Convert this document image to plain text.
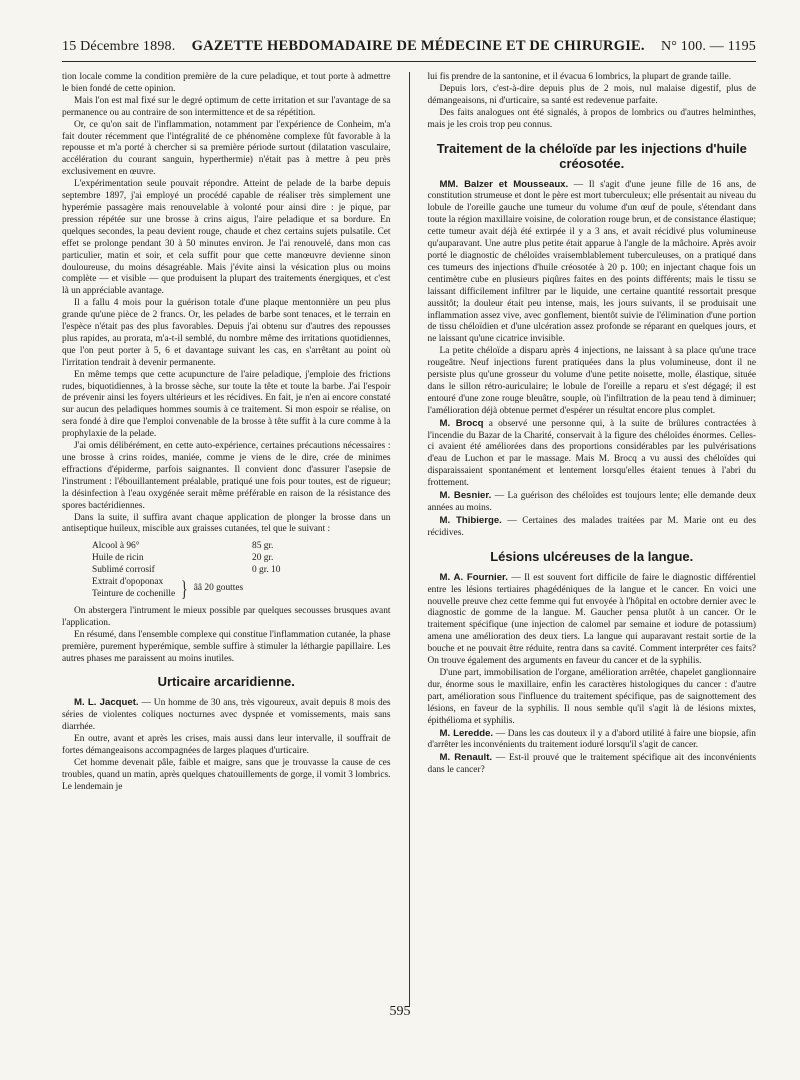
15 Décembre 1898. GAZETTE HEBDOMADAIRE DE MÉDECINE ET DE CHIRURGIE. N° 100. — 1195

tion locale comme la condition première de la cure peladique, et tout porte à admettre le bien fondé de cette opinion.

Mais l'on est mal fixé sur le degré optimum de cette irritation et sur l'avantage de sa permanence ou au contraire de son intermittence et de sa répétition.

Or, ce qu'on sait de l'inflammation, notamment par l'expérience de Conheim, m'a fait douter récemment que l'intégralité de ce phénomène complexe fût favorable à la repousse et m'a porté à chercher si sa première période surtout (dilatation vasculaire, accélération du courant sanguin, hyperthermie) n'était pas à mettre à peu près exclusivement en œuvre.

L'expérimentation seule pouvait répondre. Atteint de pelade de la barbe depuis septembre 1897, j'ai employé un procédé capable de réaliser très simplement une hyperémie passagère mais renouvelable à volonté pour ainsi dire : je pique, par pression répétée sur une brosse à crins aigus, l'aire peladique et sa bordure. En quelques secondes, la peau devient rouge, chaude et chez certains sujets pulsatile. Cet effet se prolonge pendant 30 à 50 minutes environ. Je l'ai renouvelé, dans mon cas particulier, matin et soir, et cela suffit pour que cette manœuvre devienne sinon douloureuse, du moins désagréable. Mais j'évite ainsi la vésication plus ou moins complète — et visible — que produisent la plupart des traitements énergiques, et c'est là un appréciable avantage.

Il a fallu 4 mois pour la guérison totale d'une plaque mentonnière un peu plus grande qu'une pièce de 2 francs. Or, les pelades de barbe sont tenaces, et le terrain en l'espèce n'était pas des plus favorables. Depuis j'ai obtenu sur d'autres des repousses plus rapides, au prorata, m'a-t-il semblé, du nombre même des irritations quotidiennes, que l'on peut porter à 5, 6 et davantage suivant les cas, en s'arrêtant au point où l'irritation tendrait à devenir permanente.

En même temps que cette acupuncture de l'aire peladique, j'emploie des frictions rudes, biquotidiennes, à la brosse sèche, sur toute la tête et toute la barbe. J'ai l'espoir de prévenir ainsi les foyers ultérieurs et les récidives. En fait, je n'en ai encore constaté sur aucun des peladiques hommes soumis à ce traitement. Si mon espoir se réalise, on sera fondé à dire que l'emploi convenable de la brosse à tête suffit à la cure comme à la prophylaxie de la pelade.

J'ai omis délibérément, en cette auto-expérience, certaines précautions nécessaires : une brosse à crins roides, maniée, comme je viens de le dire, crée de minimes effractions d'épiderme, parfois saignantes. Il convient donc d'assurer l'asepsie de l'instrument : l'ébouillantement préalable, pratiqué une fois pour toutes, est de rigueur; la désinfection à l'eau oxygénée serait même préférable en raison de la résistance des spores bactéridiennes.

Dans la suite, il suffira avant chaque application de plonger la brosse dans un antiseptique huileux, miscible aux graisses cutanées, tel que le suivant :

Alcool à 96°	85 gr.
Huile de ricin	20 gr.
Sublimé corrosif	0 gr. 10
Extrait d'opoponax
Teinture de cochenille } ââ 20 gouttes

On abstergera l'intrument le mieux possible par quelques secousses brusques avant l'application.

En résumé, dans l'ensemble complexe qui constitue l'inflammation cutanée, la phase première, purement hyperémique, semble suffire à stimuler la léthargie papillaire. Les autres phases me paraissent au moins inutiles.

Urticaire arcaridienne.

M. L. Jacquet. — Un homme de 30 ans, très vigoureux, avait depuis 8 mois des séries de violentes coliques nocturnes avec dyspnée et vomissements, mais sans diarrhée.

En outre, avant et après les crises, mais aussi dans leur intervalle, il souffrait de fortes démangeaisons accompagnées de larges plaques d'urticaire.

Cet homme devenait pâle, faible et maigre, sans que je trouvasse la cause de ces troubles, quand un matin, après quelques chatouillements de gorge, il vomit 3 lombrics. Le lendemain je

lui fis prendre de la santonine, et il évacua 6 lombrics, la plupart de grande taille.

Depuis lors, c'est-à-dire depuis plus de 2 mois, nul malaise digestif, plus de démangeaisons, ni d'urticaire, sa santé est redevenue parfaite.

Des faits analogues ont été signalés, à propos de lombrics ou d'autres helminthes, mais je les crois trop peu connus.

Traitement de la chéloïde par les injections d'huile créosotée.

MM. Balzer et Mousseaux. — Il s'agit d'une jeune fille de 16 ans, de constitution strumeuse et dont le père est mort tuberculeux; elle présentait au niveau du lobule de l'oreille gauche une tumeur du volume d'un œuf de poule, s'étendant dans toute la région maxillaire voisine, de coloration rouge brun, et de consistance élastique; cette tumeur avait déjà été extirpée il y a 3 ans, et avait récidivé plus volumineuse qu'auparavant. Une autre plus petite était apparue à l'angle de la mâchoire. Après avoir porté le diagnostic de chéloïdes vraisemblablement tuberculeuses, on a pratiqué dans ces tumeurs des injections d'huile créosotée à 20 p. 100; en injectant chaque fois un centimètre cube en plusieurs piqûres faites en des points différents; mais le tissu se laissant difficilement infiltrer par le liquide, une certaine quantité ressortait presque aussitôt; la douleur était peu intense, mais, les jours suivants, il se produisait une inflammation assez vive, avec gonflement, bientôt suivie de l'élimination d'une portion de tissu chéloïdien et d'une ulcération assez profonde se réparant en quelques jours, et ne laissant qu'une cicatrice invisible.

La petite chéloïde a disparu après 4 injections, ne laissant à sa place qu'une trace rougeâtre. Neuf injections furent pratiquées dans la plus volumineuse, dont il ne persiste plus qu'une grosseur du volume d'une petite noisette, molle, élastique, située dans le sillon rétro-auriculaire; le lobule de l'oreille a reparu et s'est dégagé; il est entouré d'une zone rouge bleuâtre, souple, où l'infiltration de la peau tend à diminuer; l'amélioration déjà obtenue permet d'espérer un résultat encore plus complet.

M. Brocq a observé une personne qui, à la suite de brûlures contractées à l'incendie du Bazar de la Charité, conservait à la figure des chéloïdes énormes. Celles-ci avaient été améliorées dans des proportions considérables par les pulvérisations d'eau de Luchon et par le massage. Mais M. Brocq a vu aussi des chéloïdes qui disparaissaient spontanément et lentement lorsqu'elles étaient tenues à l'abri du frottement.

M. Besnier. — La guérison des chéloïdes est toujours lente; elle demande deux années au moins.

M. Thibierge. — Certaines des malades traitées par M. Marie ont eu des récidives.

Lésions ulcéreuses de la langue.

M. A. Fournier. — Il est souvent fort difficile de faire le diagnostic différentiel entre les lésions tertiaires phagédéniques de la langue et le cancer. En voici une nouvelle preuve chez cette femme qui fut envoyée à l'hôpital en octobre dernier avec le diagnostic de gomme de la langue. M. Gaucher pensa plutôt à un cancer. Or le traitement spécifique (une injection de calomel par semaine et iodure de potassium) amena une amélioration des deux tiers. La langue qui auparavant restait sortie de la bouche et ne pouvait être réduite, rentra dans sa cavité. Comment interpréter ces faits? On trouve également des arguments en faveur du cancer et de la syphilis.

D'une part, immobilisation de l'organe, amélioration arrêtée, chapelet ganglionnaire dur, énorme sous le maxillaire, enfin les caractères histologiques du cancer : d'autre part, amélioration sous l'influence du traitement spécifique, pas de saignottement des lésions, en faveur de la syphilis. Il nous semble qu'il s'agit là de lésions mixtes, épithélioma et syphilis.

M. Leredde. — Dans les cas douteux il y a d'abord utilité à faire une biopsie, afin d'arrêter les inconvénients du traitement ioduré lorsqu'il s'agit de cancer.

M. Renault. — Est-il prouvé que le traitement spécifique ait des inconvénients dans le cancer?

595
